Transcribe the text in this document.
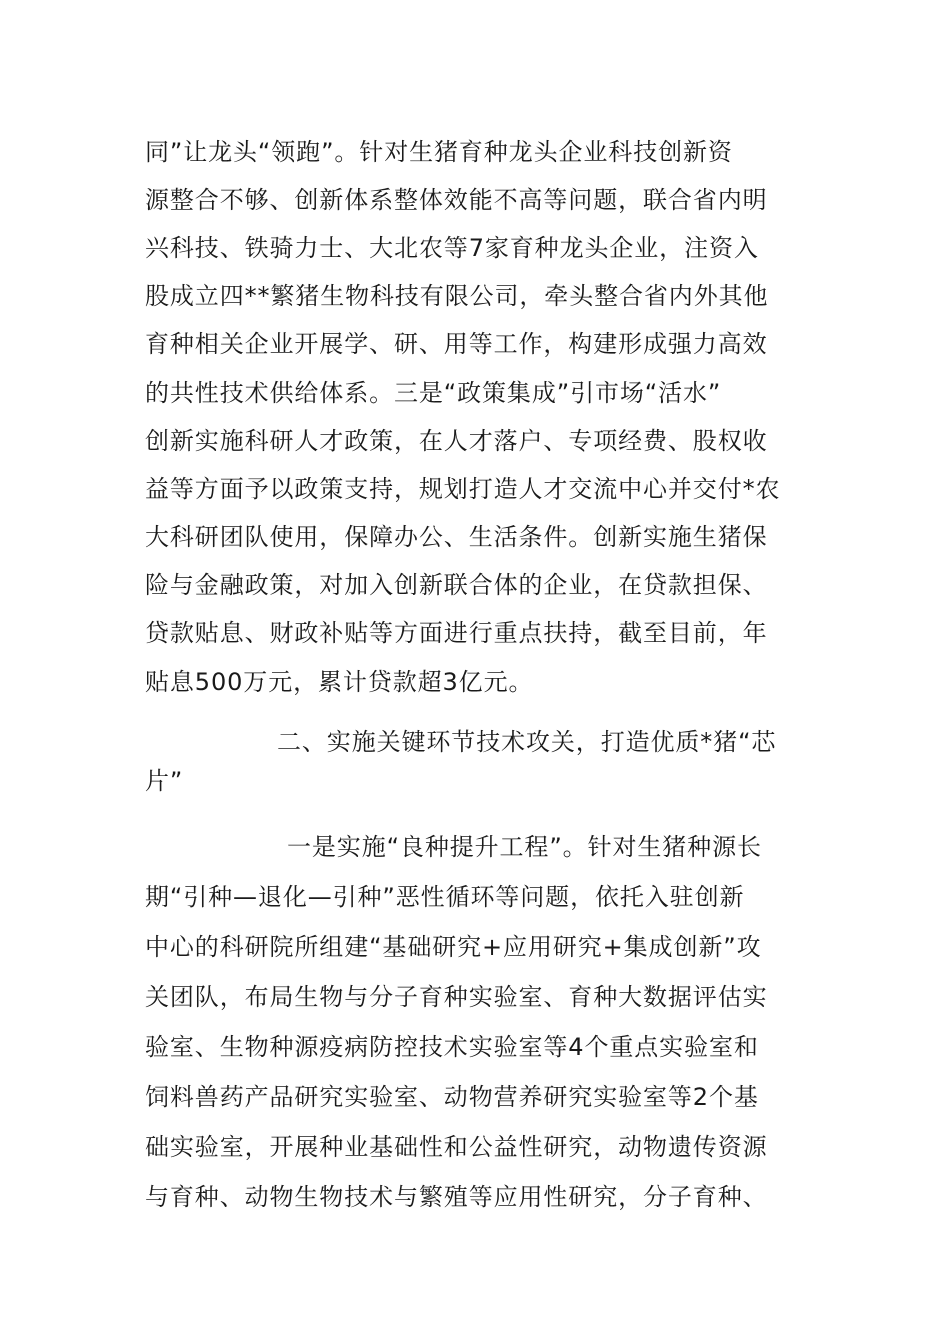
同”让龙头“领跑”。针对生猪育种龙头企业科技创新资
源整合不够、创新体系整体效能不高等问题，联合省内明
兴科技、铁骑力士、大北农等7家育种龙头企业，注资入
股成立四**繁猪生物科技有限公司，牵头整合省内外其他
育种相关企业开展学、研、用等工作，构建形成强力高效
的共性技术供给体系。三是“政策集成”引市场“活水”
创新实施科研人才政策，在人才落户、专项经费、股权收
益等方面予以政策支持，规划打造人才交流中心并交付*农
大科研团队使用，保障办公、生活条件。创新实施生猪保
险与金融政策，对加入创新联合体的企业，在贷款担保、
贷款贴息、财政补贴等方面进行重点扶持，截至目前，年
贴息500万元，累计贷款超3亿元。
二、实施关键环节技术攻关，打造优质*猪“芯
片”
一是实施“良种提升工程”。针对生猪种源长
期“引种—退化—引种”恶性循环等问题，依托入驻创新
中心的科研院所组建“基础研究+应用研究+集成创新”攻
关团队，布局生物与分子育种实验室、育种大数据评估实
验室、生物种源疫病防控技术实验室等4个重点实验室和
饲料兽药产品研究实验室、动物营养研究实验室等2个基
础实验室，开展种业基础性和公益性研究，动物遗传资源
与育种、动物生物技术与繁殖等应用性研究，分子育种、
